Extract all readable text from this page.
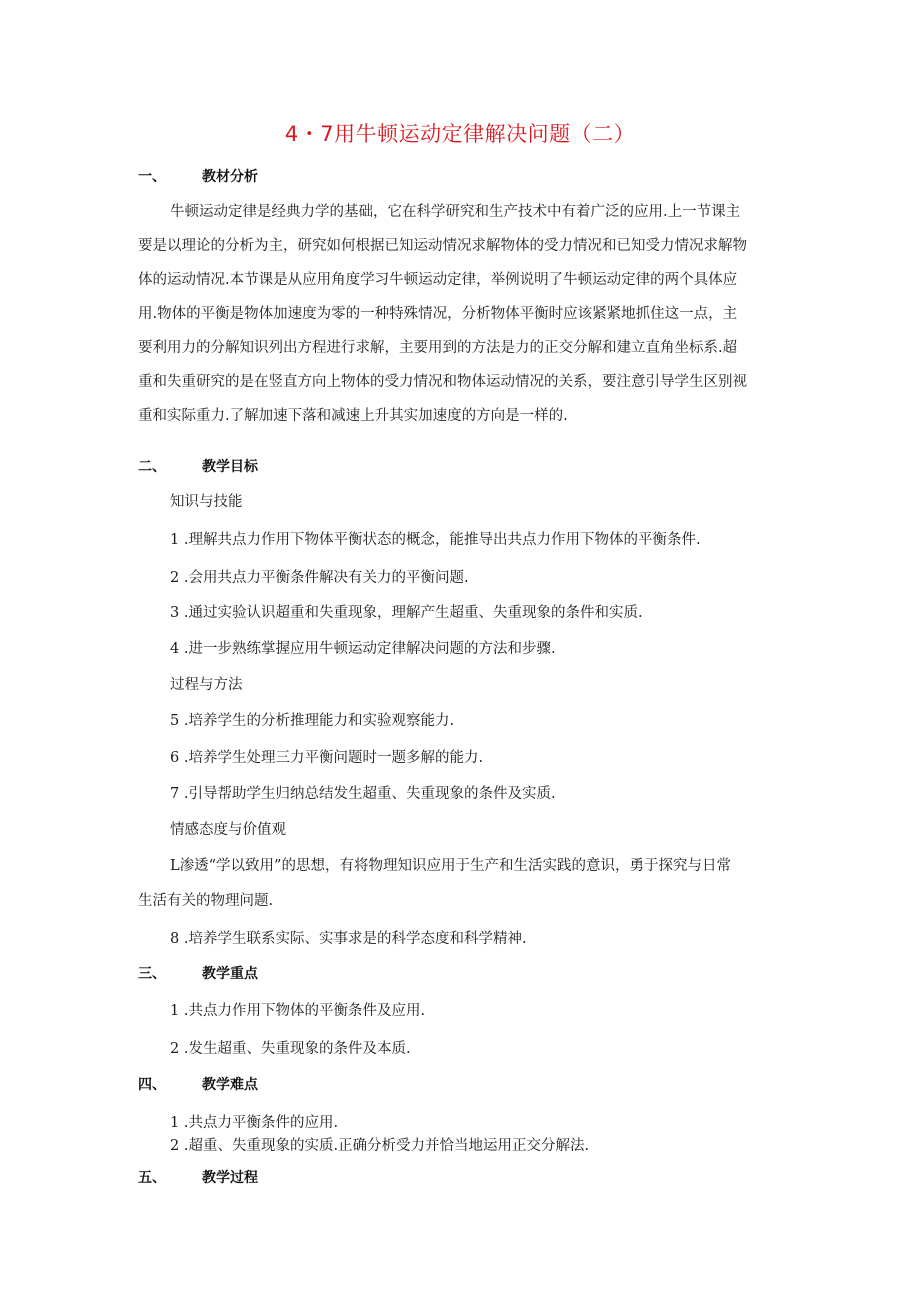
4・7用牛顿运动定律解决问题（二）
一、	教材分析
牛顿运动定律是经典力学的基础，它在科学研究和生产技术中有着广泛的应用.上一节课主
要是以理论的分析为主，研究如何根据已知运动情况求解物体的受力情况和已知受力情况求解物
体的运动情况.本节课是从应用角度学习牛顿运动定律，举例说明了牛顿运动定律的两个具体应
用.物体的平衡是物体加速度为零的一种特殊情况，分析物体平衡时应该紧紧地抓住这一点，主
要利用力的分解知识列出方程进行求解，主要用到的方法是力的正交分解和建立直角坐标系.超
重和失重研究的是在竖直方向上物体的受力情况和物体运动情况的关系，要注意引导学生区别视
重和实际重力.了解加速下落和减速上升其实加速度的方向是一样的.
二、	教学目标
知识与技能
1 .理解共点力作用下物体平衡状态的概念，能推导出共点力作用下物体的平衡条件.
2 .会用共点力平衡条件解决有关力的平衡问题.
3 .通过实验认识超重和失重现象，理解产生超重、失重现象的条件和实质.
4 .进一步熟练掌握应用牛顿运动定律解决问题的方法和步骤.
过程与方法
5 .培养学生的分析推理能力和实验观察能力.
6 .培养学生处理三力平衡问题时一题多解的能力.
7 .引导帮助学生归纳总结发生超重、失重现象的条件及实质.
情感态度与价值观
L渗透“学以致用”的思想，有将物理知识应用于生产和生活实践的意识，勇于探究与日常
生活有关的物理问题.
8 .培养学生联系实际、实事求是的科学态度和科学精神.
三、	教学重点
1 .共点力作用下物体的平衡条件及应用.
2 .发生超重、失重现象的条件及本质.
四、	教学难点
1 .共点力平衡条件的应用.
2 .超重、失重现象的实质.正确分析受力并恰当地运用正交分解法.
五、	教学过程
